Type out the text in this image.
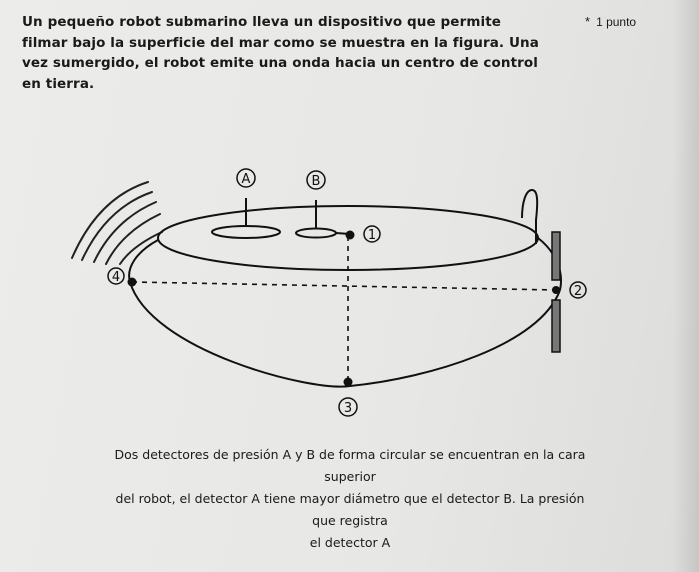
Un pequeño robot submarino lleva un dispositivo que permite filmar bajo la superficie del mar como se muestra en la figura. Una vez sumergido, el robot emite una onda hacia un centro de control en tierra.

* 1 punto
A	B
1
2
3
4

Dos detectores de presión A y B de forma circular se encuentran en la cara

superior

del robot, el detector A tiene mayor diámetro que el detector B. La presión

que registra

el detector A
